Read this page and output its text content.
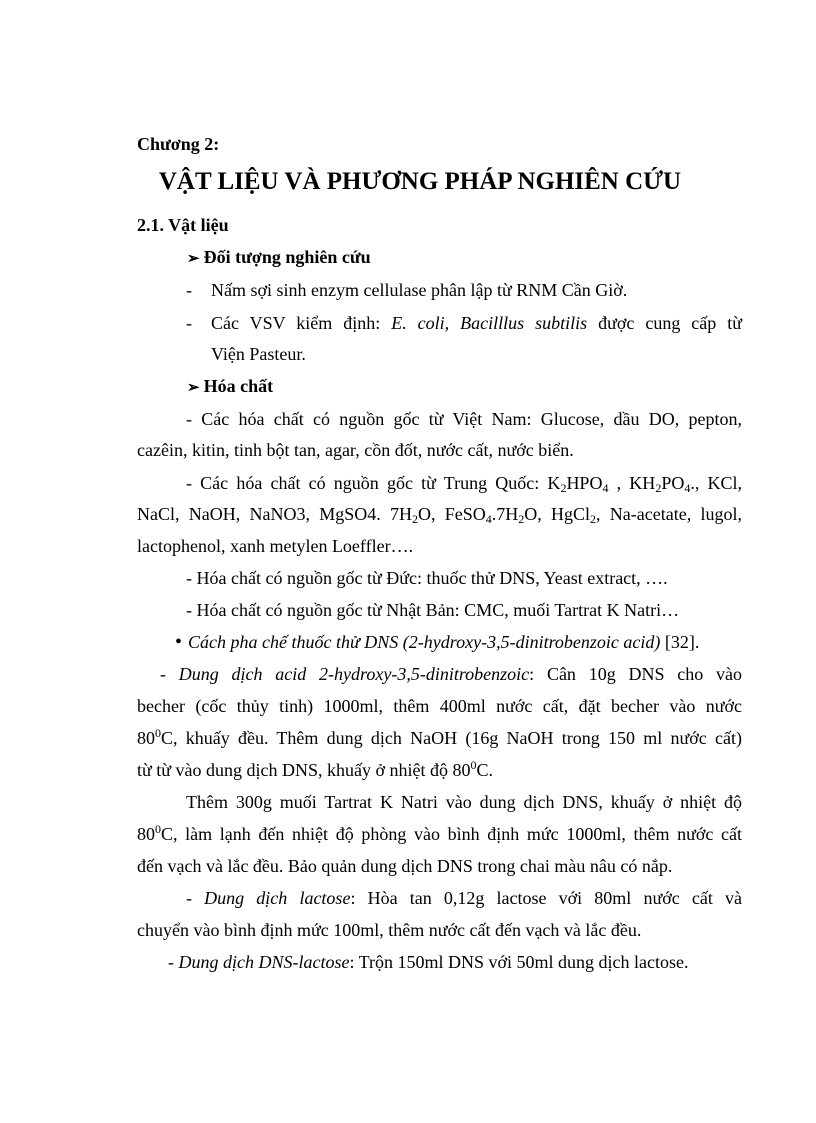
Chương 2:

VẬT LIỆU VÀ PHƯƠNG PHÁP NGHIÊN CỨU

2.1. Vật liệu

➢ Đối tượng nghiên cứu

- Nấm sợi sinh enzym cellulase phân lập từ RNM Cần Giờ.

- Các VSV kiểm định: E. coli, Bacilllus subtilis được cung cấp từ

Viện Pasteur.

➢ Hóa chất

- Các hóa chất có nguồn gốc từ Việt Nam: Glucose, dầu DO, pepton,

cazêin, kitin, tinh bột tan, agar, cồn đốt, nước cất, nước biển.

- Các hóa chất có nguồn gốc từ Trung Quốc: $K_2HPO_4$ , $KH_2PO_4$., KCl,

NaCl, NaOH, NaNO3, MgSO4. $7H_2O$, $FeSO_4.7H_2O$, HgCl$_2$, Na-acetate, lugol,

lactophenol, xanh metylen Loeffler….

- Hóa chất có nguồn gốc từ Đức: thuốc thử DNS, Yeast extract, ….

- Hóa chất có nguồn gốc từ Nhật Bản: CMC, muối Tartrat K Natri…

• Cách pha chế thuốc thử DNS (2-hydroxy-3,5-dinitrobenzoic acid) [32].

- Dung dịch acid 2-hydroxy-3,5-dinitrobenzoic: Cân 10g DNS cho vào

becher (cốc thủy tinh) 1000ml, thêm 400ml nước cất, đặt becher vào nước

$80^0C$, khuấy đều. Thêm dung dịch NaOH (16g NaOH trong 150 ml nước cất)

từ từ vào dung dịch DNS, khuấy ở nhiệt độ $80^0C$.

Thêm 300g muối Tartrat K Natri vào dung dịch DNS, khuấy ở nhiệt độ

$80^0C$, làm lạnh đến nhiệt độ phòng vào bình định mức 1000ml, thêm nước cất

đến vạch và lắc đều. Bảo quản dung dịch DNS trong chai màu nâu có nắp.

- Dung dịch lactose: Hòa tan 0,12g lactose với 80ml nước cất và

chuyển vào bình định mức 100ml, thêm nước cất đến vạch và lắc đều.

- Dung dịch DNS-lactose: Trộn 150ml DNS với 50ml dung dịch lactose.
